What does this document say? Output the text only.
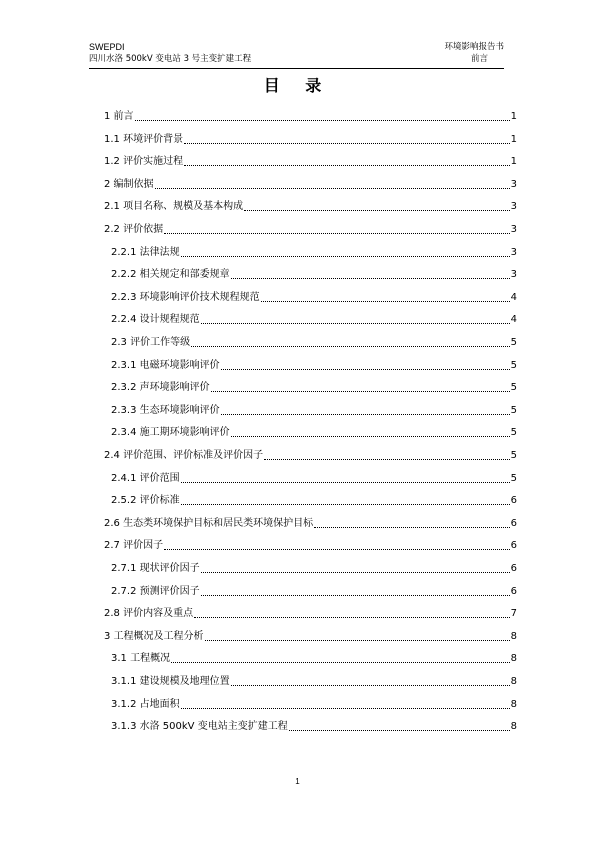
SWEPDI
四川水洛 500kV 变电站 3 号主变扩建工程
环境影响报告书
前言
目 录
1 前言	1
1.1 环境评价背景	1
1.2 评价实施过程	1
2 编制依据	3
2.1 项目名称、规模及基本构成	3
2.2 评价依据	3
2.2.1 法律法规	3
2.2.2 相关规定和部委规章	3
2.2.3 环境影响评价技术规程规范	4
2.2.4 设计规程规范	4
2.3 评价工作等级	5
2.3.1 电磁环境影响评价	5
2.3.2 声环境影响评价	5
2.3.3 生态环境影响评价	5
2.3.4 施工期环境影响评价	5
2.4 评价范围、评价标准及评价因子	5
2.4.1 评价范围	5
2.5.2 评价标准	6
2.6 生态类环境保护目标和居民类环境保护目标	6
2.7 评价因子	6
2.7.1 现状评价因子	6
2.7.2 预测评价因子	6
2.8 评价内容及重点	7
3 工程概况及工程分析	8
3.1 工程概况	8
3.1.1 建设规模及地理位置	8
3.1.2 占地面积	8
3.1.3 水洛 500kV 变电站主变扩建工程	8
1
